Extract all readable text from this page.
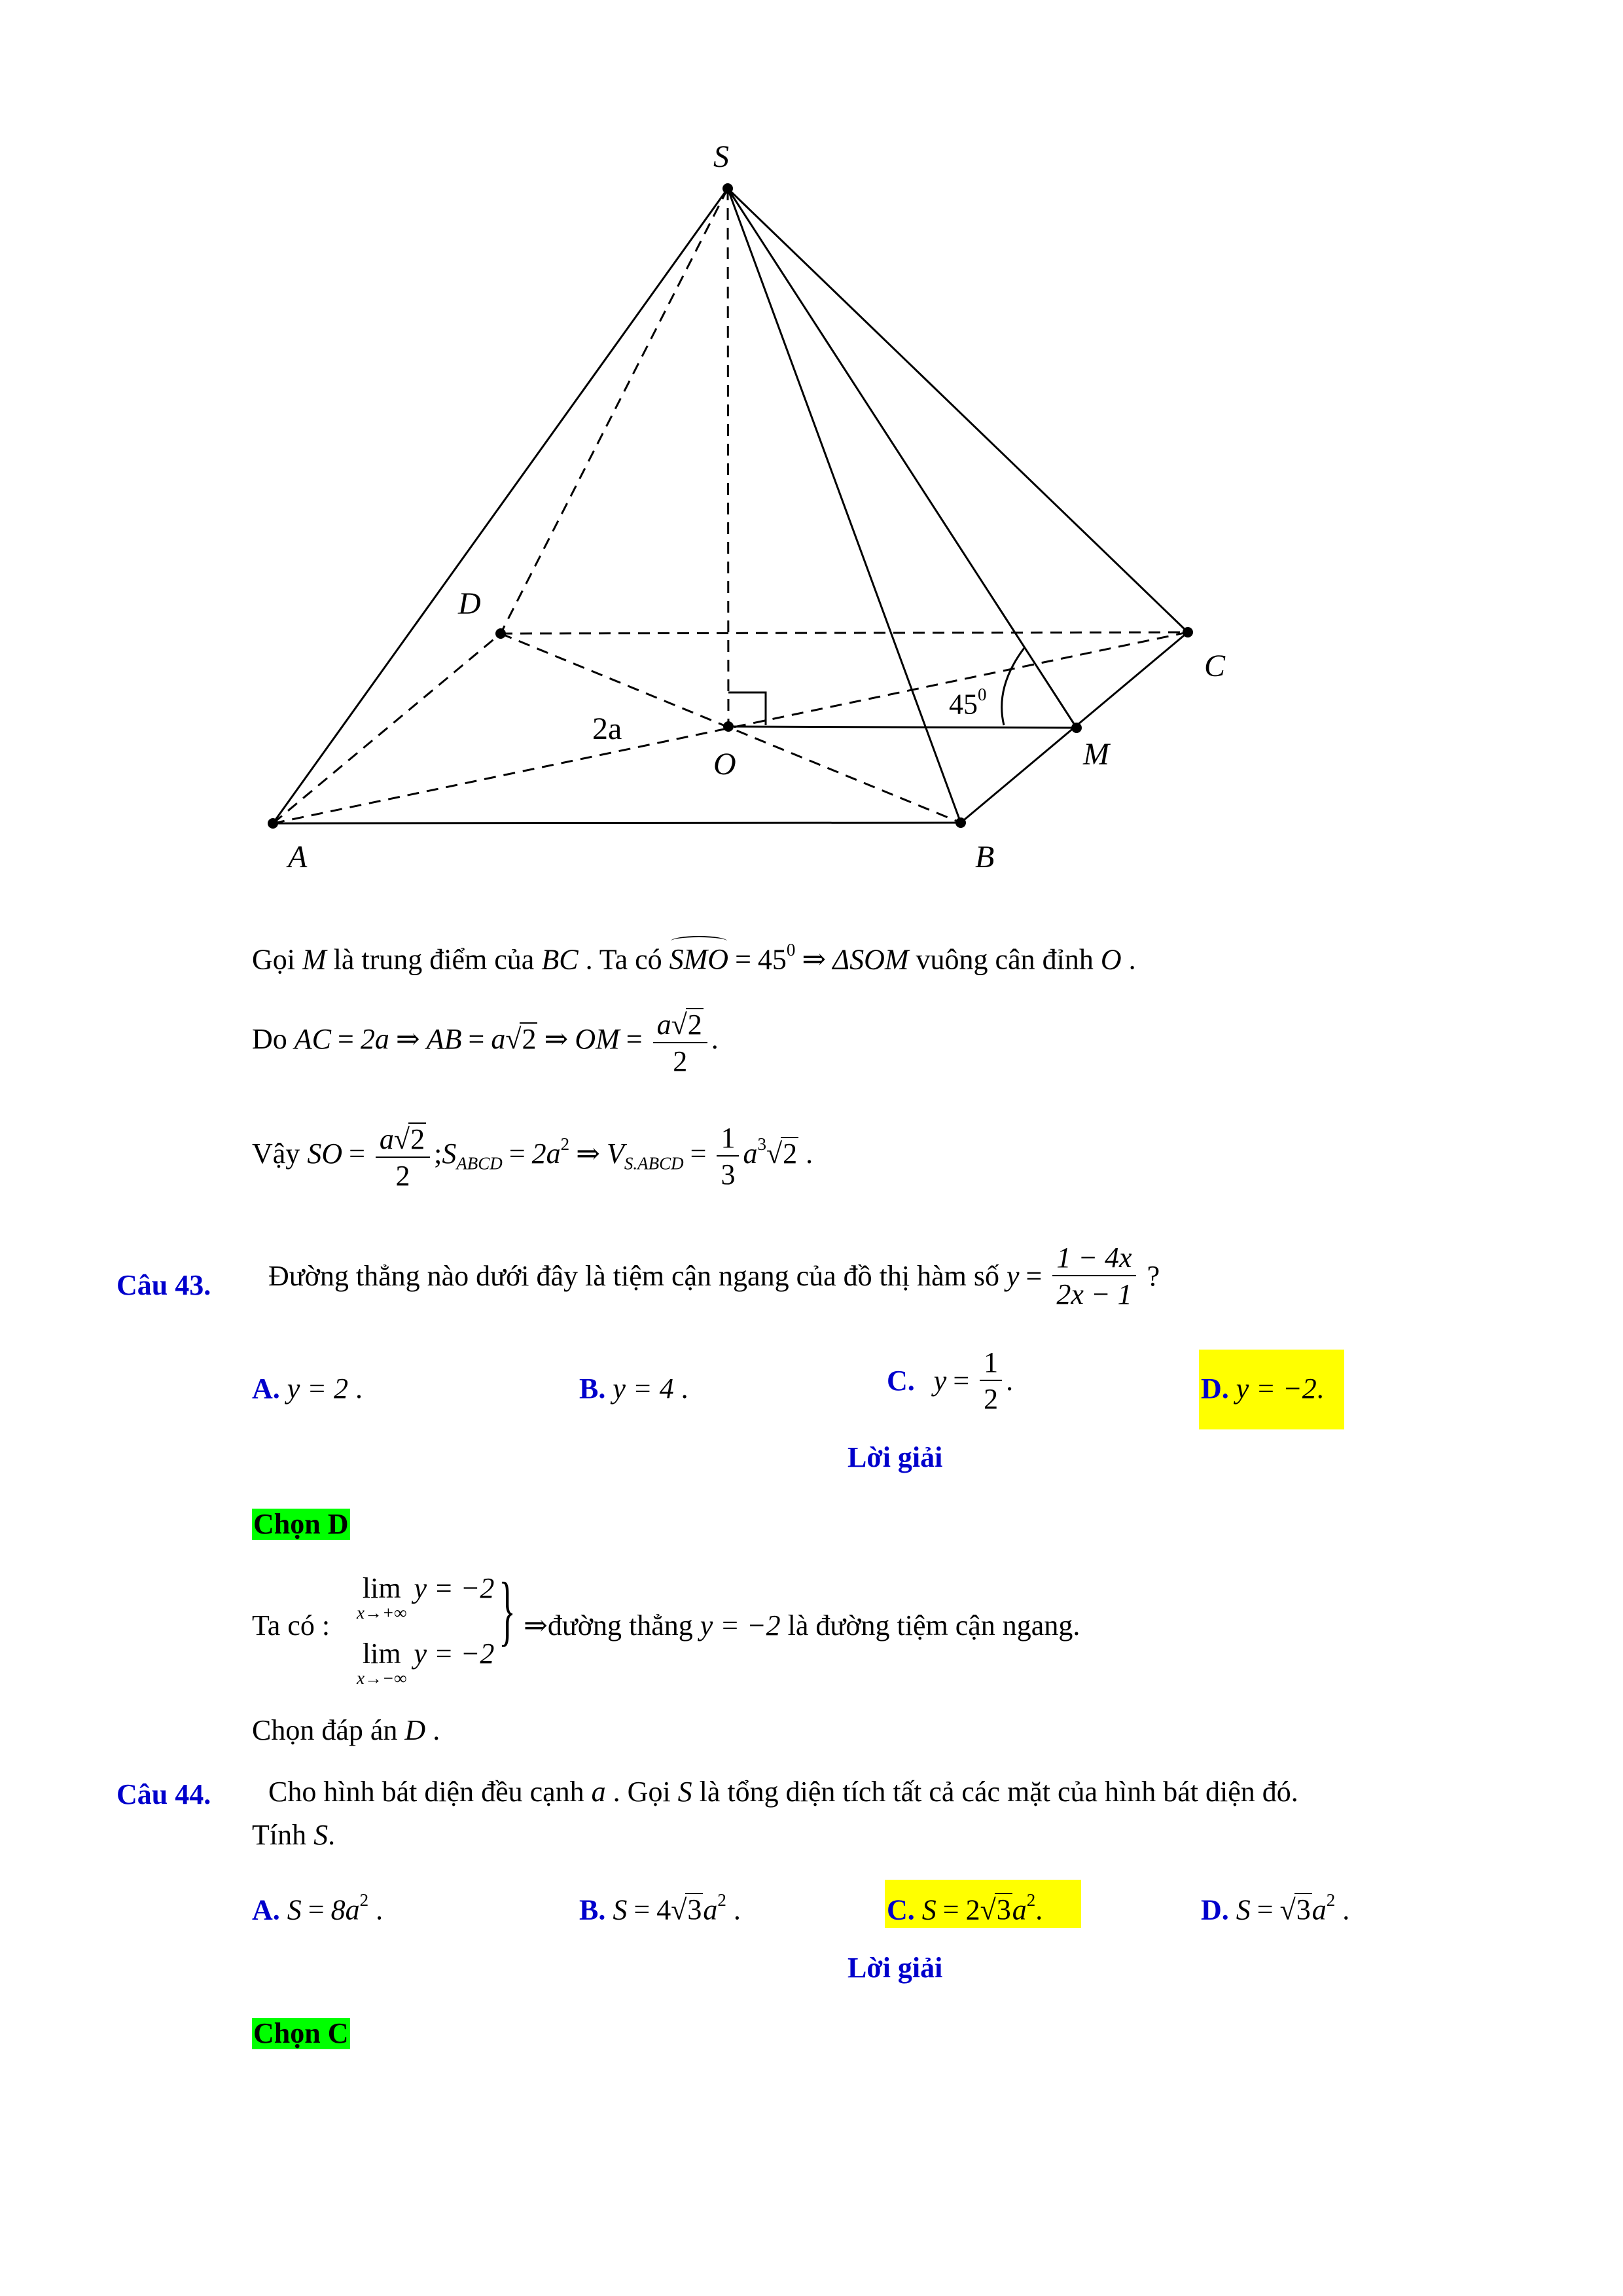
S
D
C
A	B
O	M
2a
$45^0$
Gọi M là trung điểm của BC . Ta có SMO = $45^0$ ⇒ ΔSOM vuông cân đỉnh O .
Do AC = 2a ⇒ AB = a√2 ⇒ OM = $\frac{a√2}{2}$ .
Vậy SO = $\frac{a√2}{2}$ $;S_{ABCD} = 2a^2$ ⇒ $V_{S.ABCD} = \frac{1}{3} a^3√2$ .
Câu 43. Đường thẳng nào dưới đây là tiệm cận ngang của đồ thị hàm số $y = \frac{1 - 4x}{2x - 1}$ ?
A. y = 2 .	B. y = 4 .	C. $y = \frac{1}{2}$ .	D. y = −2.
Lời giải
Chọn D
Ta có :
lim
x→+∞
y = −2
lim
x→−∞
y = −2
} ⇒đường thẳng y = −2 là đường tiệm cận ngang.
Chọn đáp án D .
Câu 44. Cho hình bát diện đều cạnh a . Gọi S là tổng diện tích tất cả các mặt của hình bát diện đó.
Tính S.
A. $S = 8a^2$ .	B. $S = 4√3a^2$ .	C. $S = 2√3a^2$.	D. $S = √3a^2$ .
Lời giải
Chọn C
